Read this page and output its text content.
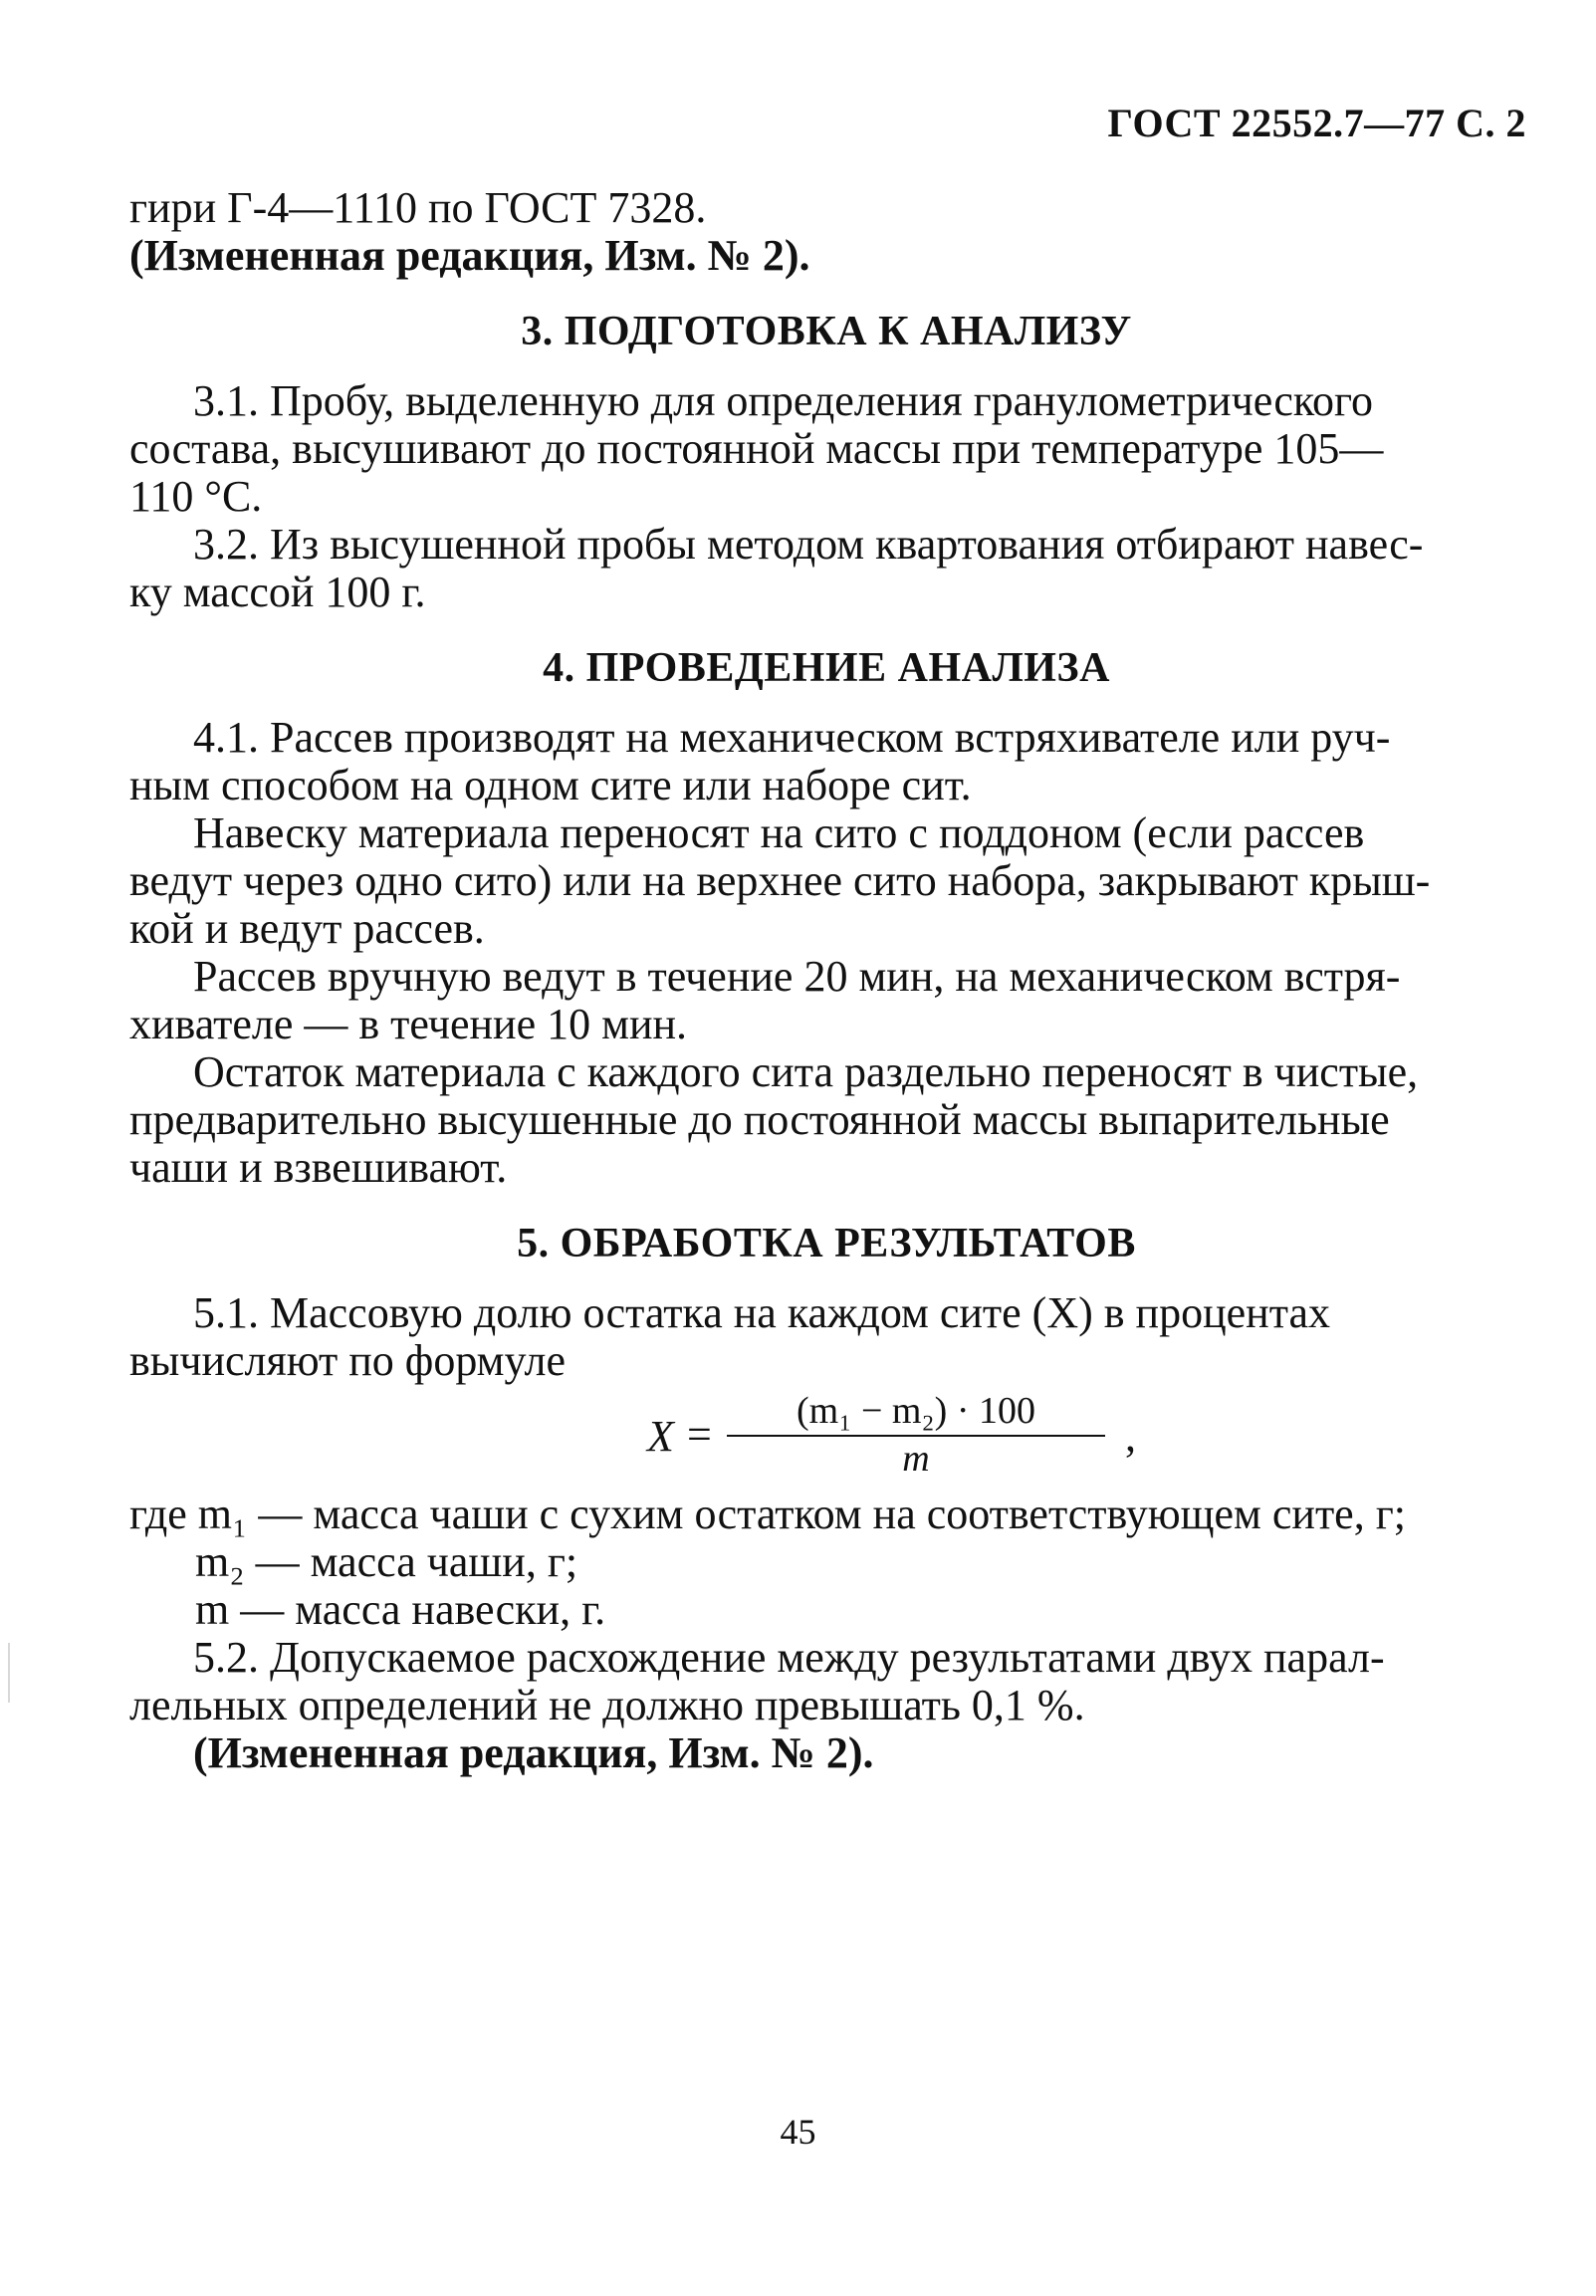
ГОСТ 22552.7—77 С. 2

гири Г-4—1110 по ГОСТ 7328.
(Измененная редакция, Изм. № 2).

3. ПОДГОТОВКА К АНАЛИЗУ

3.1. Пробу, выделенную для определения гранулометрического
состава, высушивают до постоянной массы при температуре 105—
110 °С.

3.2. Из высушенной пробы методом квартования отбирают навес-
ку массой 100 г.

4. ПРОВЕДЕНИЕ АНАЛИЗА

4.1. Рассев производят на механическом встряхивателе или руч-
ным способом на одном сите или наборе сит.

Навеску материала переносят на сито с поддоном (если рассев
ведут через одно сито) или на верхнее сито набора, закрывают крыш-
кой и ведут рассев.

Рассев вручную ведут в течение 20 мин, на механическом встря-
хивателе — в течение 10 мин.

Остаток материала с каждого сита раздельно переносят в чистые,
предварительно высушенные до постоянной массы выпарительные
чаши и взвешивают.

5. ОБРАБОТКА РЕЗУЛЬТАТОВ

5.1. Массовую долю остатка на каждом сите (X) в процентах
вычисляют по формуле

$X = \frac{\text{(m₁ − m₂) · 100}}{m}$ ,
где m₁ — масса чаши с сухим остатком на соответствующем сите, г;
m₂ — масса чаши, г;
m — масса навески, г.

5.2. Допускаемое расхождение между результатами двух парал-
лельных определений не должно превышать 0,1 %.
(Измененная редакция, Изм. № 2).

45
